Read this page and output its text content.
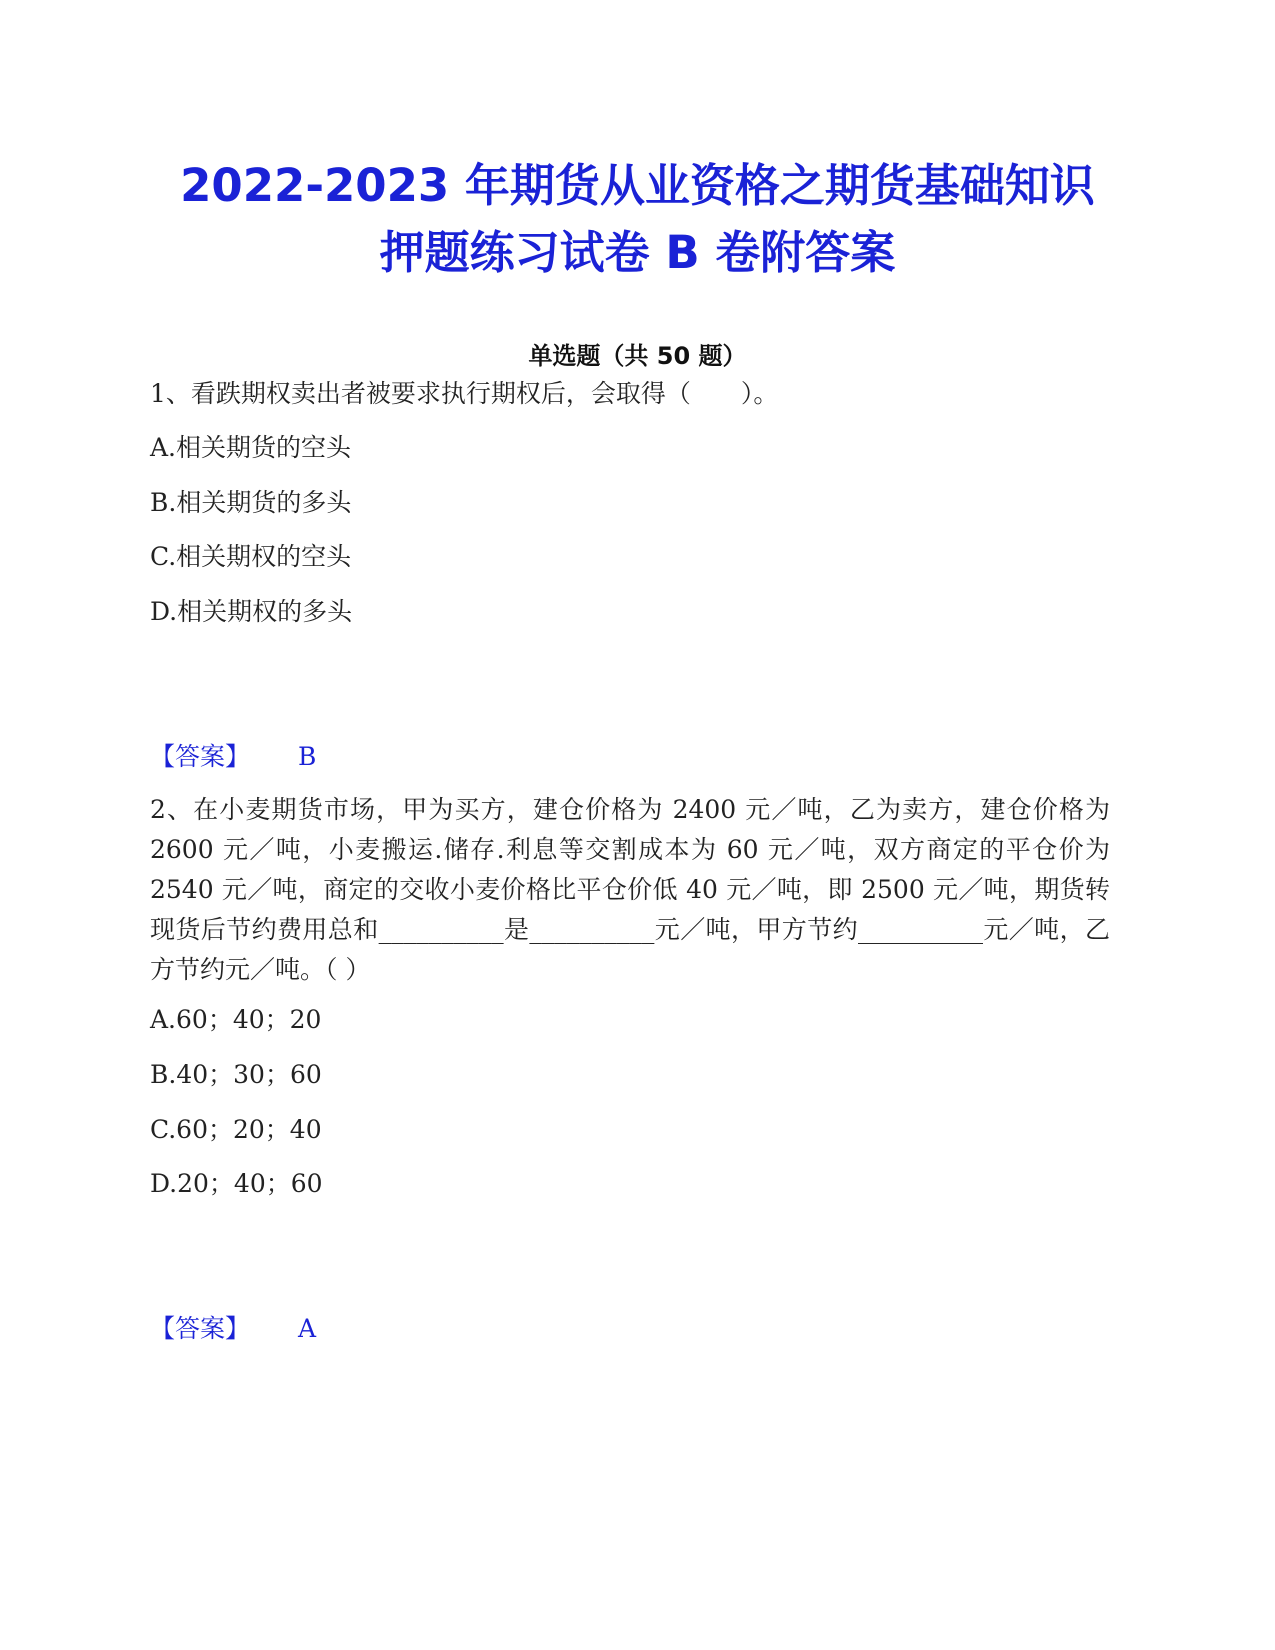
2022-2023 年期货从业资格之期货基础知识
押题练习试卷 B 卷附答案
单选题（共 50 题）
1、看跌期权卖出者被要求执行期权后，会取得（　　）。
A.相关期货的空头
B.相关期货的多头
C.相关期权的空头
D.相关期权的多头
【答案】 B
2、在小麦期货市场，甲为买方，建仓价格为 2400 元／吨，乙为卖方，建仓价格为 2600 元／吨，小麦搬运.储存.利息等交割成本为 60 元／吨，双方商定的平仓价为 2540 元／吨，商定的交收小麦价格比平仓价低 40 元／吨，即 2500 元／吨，期货转现货后节约费用总和__________是__________元／吨，甲方节约__________元／吨，乙方节约元／吨。（ ）
A.60；40；20
B.40；30；60
C.60；20；40
D.20；40；60
【答案】 A
